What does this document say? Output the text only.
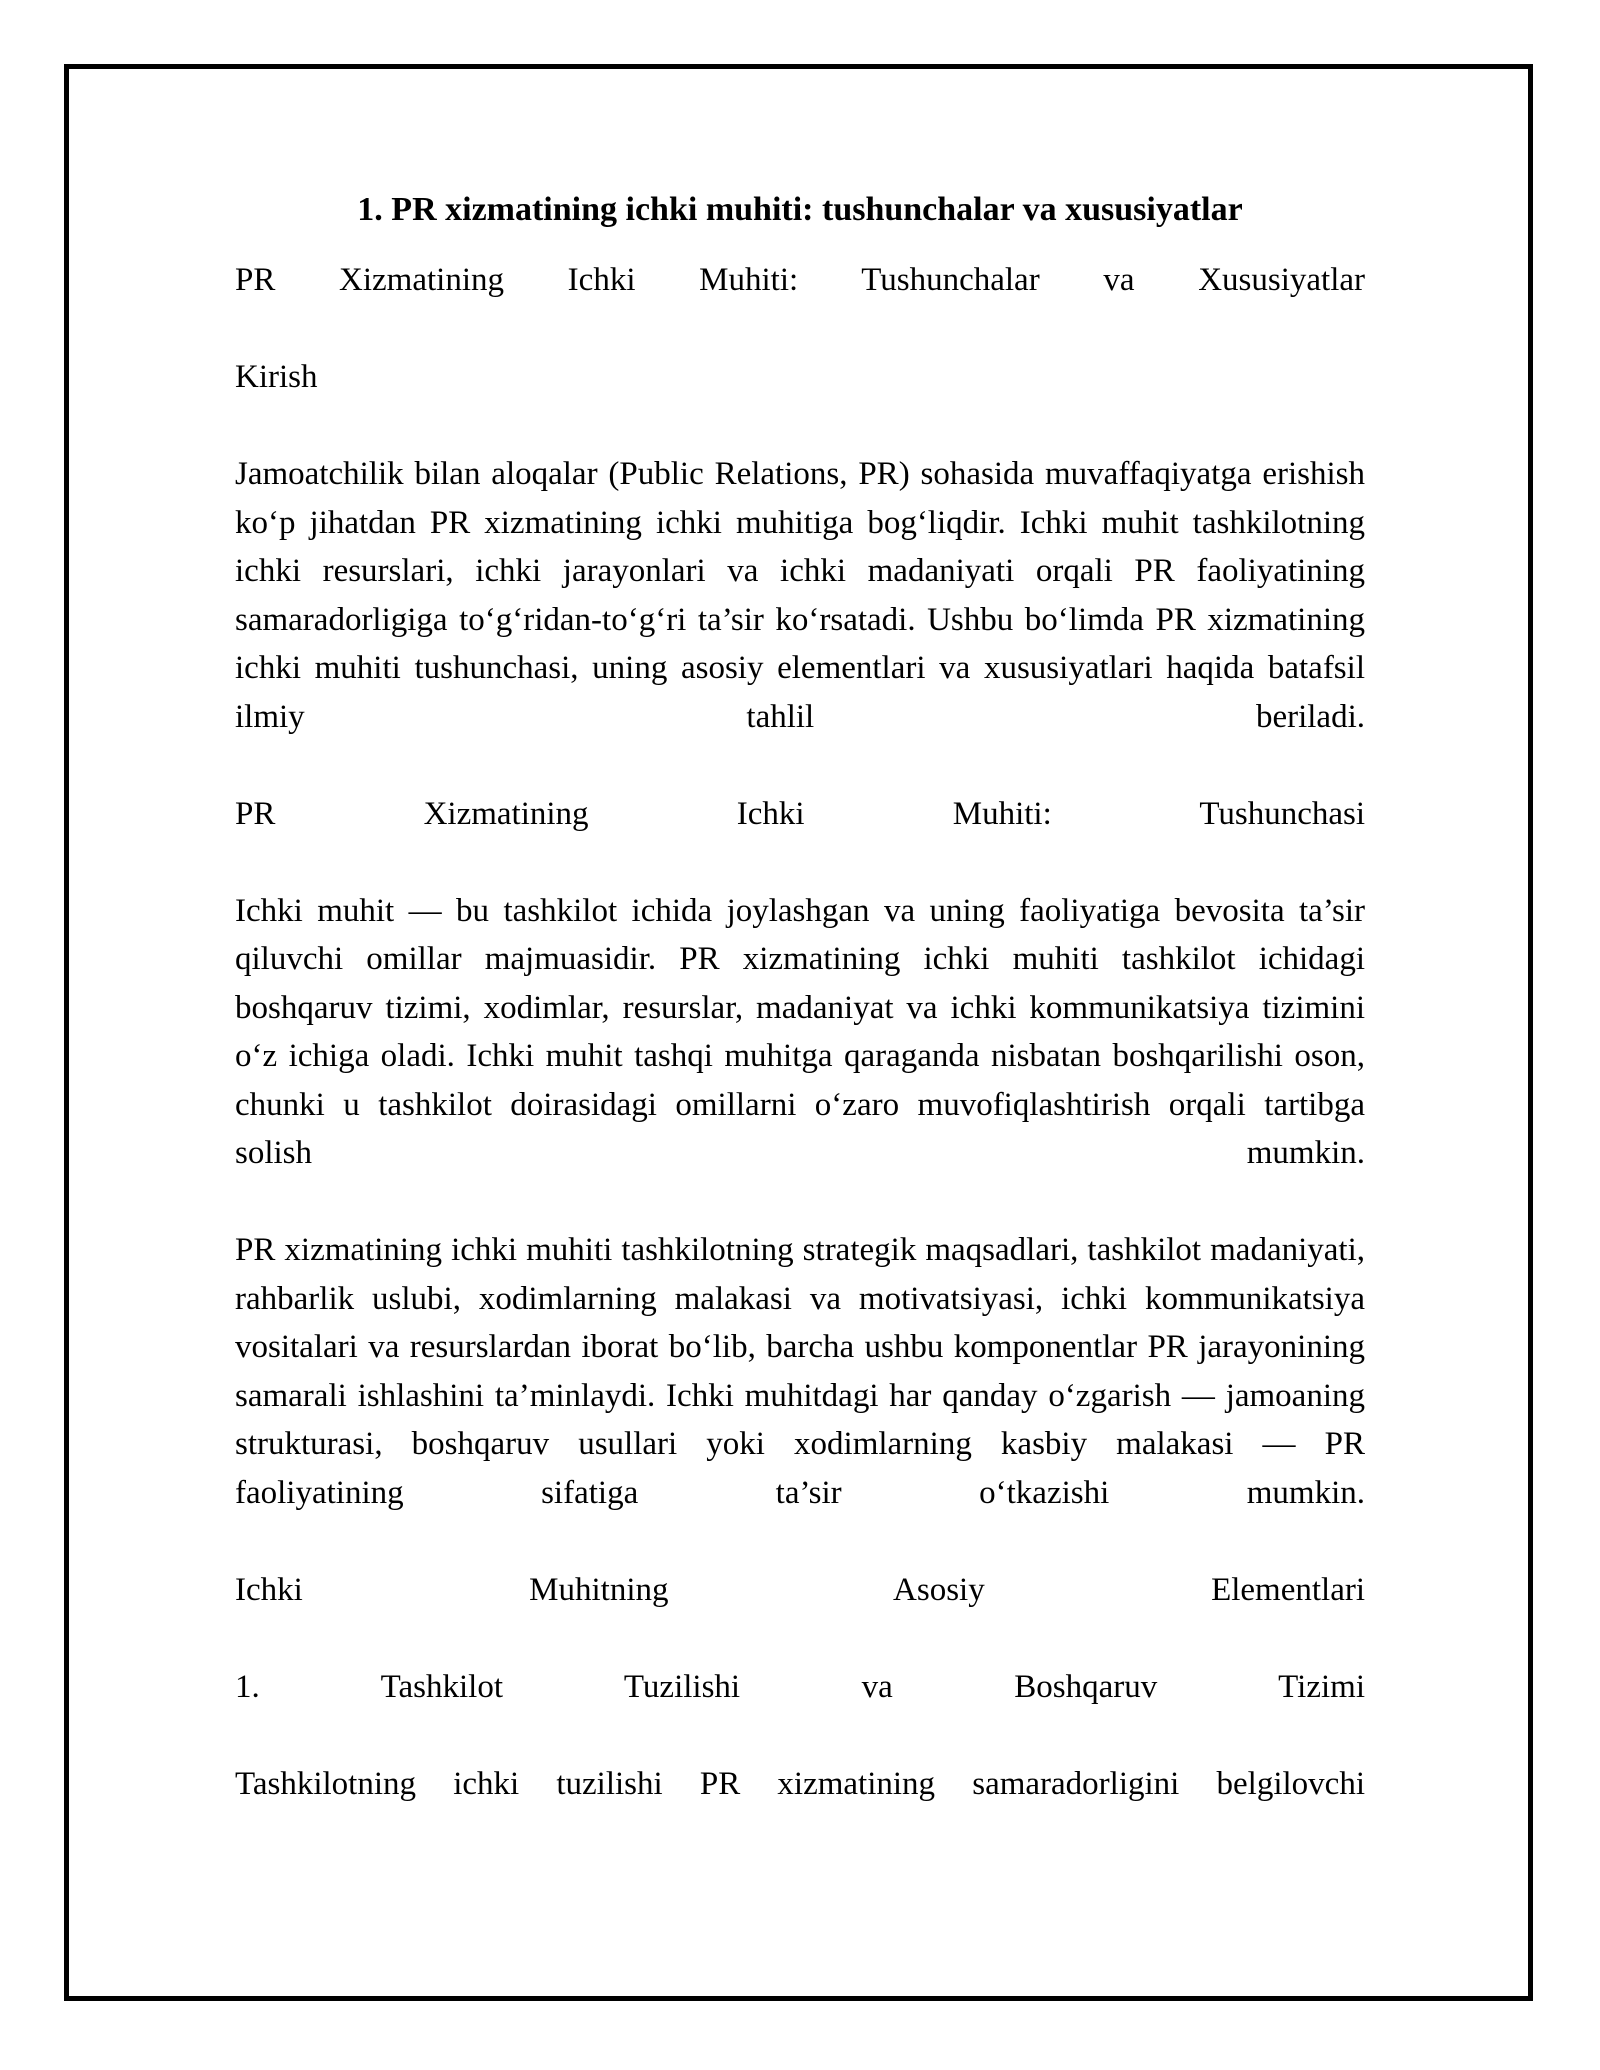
1. PR xizmatining ichki muhiti: tushunchalar va xususiyatlar

PR Xizmatining Ichki Muhiti: Tushunchalar va Xususiyatlar

Kirish

Jamoatchilik bilan aloqalar (Public Relations, PR) sohasida muvaffaqiyatga erishish ko‘p jihatdan PR xizmatining ichki muhitiga bog‘liqdir. Ichki muhit tashkilotning ichki resurslari, ichki jarayonlari va ichki madaniyati orqali PR faoliyatining samaradorligiga to‘g‘ridan-to‘g‘ri ta’sir ko‘rsatadi. Ushbu bo‘limda PR xizmatining ichki muhiti tushunchasi, uning asosiy elementlari va xususiyatlari haqida batafsil ilmiy tahlil beriladi.

PR Xizmatining Ichki Muhiti: Tushunchasi

Ichki muhit — bu tashkilot ichida joylashgan va uning faoliyatiga bevosita ta’sir qiluvchi omillar majmuasidir. PR xizmatining ichki muhiti tashkilot ichidagi boshqaruv tizimi, xodimlar, resurslar, madaniyat va ichki kommunikatsiya tizimini o‘z ichiga oladi. Ichki muhit tashqi muhitga qaraganda nisbatan boshqarilishi oson, chunki u tashkilot doirasidagi omillarni o‘zaro muvofiqlashtirish orqali tartibga solish mumkin.

PR xizmatining ichki muhiti tashkilotning strategik maqsadlari, tashkilot madaniyati, rahbarlik uslubi, xodimlarning malakasi va motivatsiyasi, ichki kommunikatsiya vositalari va resurslardan iborat bo‘lib, barcha ushbu komponentlar PR jarayonining samarali ishlashini ta’minlaydi. Ichki muhitdagi har qanday o‘zgarish — jamoaning strukturasi, boshqaruv usullari yoki xodimlarning kasbiy malakasi — PR faoliyatining sifatiga ta’sir o‘tkazishi mumkin.

Ichki Muhitning Asosiy Elementlari

1. Tashkilot Tuzilishi va Boshqaruv Tizimi

Tashkilotning ichki tuzilishi PR xizmatining samaradorligini belgilovchi
